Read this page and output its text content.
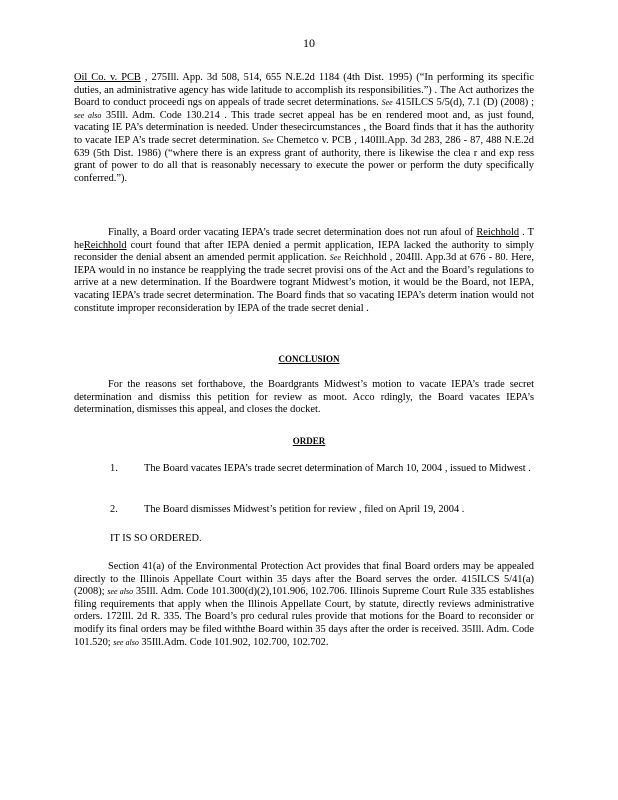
10

Oil Co. v. PCB , 275Ill. App. 3d 508, 514, 655 N.E.2d 1184 (4th Dist. 1995) (“In performing its specific duties, an administrative agency has wide latitude to accomplish its responsibilities.”) . The Act authorizes the Board to conduct proceedi ngs on appeals of trade secret determinations. See 415ILCS 5/5(d), 7.1 (D) (2008) ; see also 35Ill. Adm. Code 130.214 . This trade secret appeal has be en rendered moot and, as just found, vacating IE PA’s determination is needed. Under thesecircumstances , the Board finds that it has the authority to vacate IEP A’s trade secret determination. See Chemetco v. PCB , 140Ill.App. 3d 283, 286 - 87, 488 N.E.2d 639 (5th Dist. 1986) (“where there is an express grant of authority, there is likewise the clea r and exp ress grant of power to do all that is reasonably necessary to execute the power or perform the duty specifically conferred.”).

Finally, a Board order vacating IEPA’s trade secret determination does not run afoul of Reichhold . T heReichhold court found that after IEPA denied a permit application, IEPA lacked the authority to simply reconsider the denial absent an amended permit application. See Reichhold , 204Ill. App.3d at 676 - 80. Here, IEPA would in no instance be reapplying the trade secret provisi ons of the Act and the Board’s regulations to arrive at a new determination. If the Boardwere togrant Midwest’s motion, it would be the Board, not IEPA, vacating IEPA’s trade secret determination. The Board finds that so vacating IEPA’s determ ination would not constitute improper reconsideration by IEPA of the trade secret denial .

CONCLUSION

For the reasons set forthabove, the Boardgrants Midwest’s motion to vacate IEPA’s trade secret determination and dismiss this petition for review as moot. Acco rdingly, the Board vacates IEPA’s determination, dismisses this appeal, and closes the docket.

ORDER
1.	The Board vacates IEPA’s trade secret determination of March 10, 2004 , issued to Midwest .
2.	The Board dismisses Midwest’s petition for review , filed on April 19, 2004 .
IT IS SO ORDERED.

Section 41(a) of the Environmental Protection Act provides that final Board orders may be appealed directly to the Illinois Appellate Court within 35 days after the Board serves the order. 415ILCS 5/41(a) (2008); see also 35Ill. Adm. Code 101.300(d)(2),101.906, 102.706. Illinois Supreme Court Rule 335 establishes filing requirements that apply when the Illinois Appellate Court, by statute, directly reviews administrative orders. 172Ill. 2d R. 335. The Board’s pro cedural rules provide that motions for the Board to reconsider or modify its final orders may be filed withthe Board within 35 days after the order is received. 35Ill. Adm. Code 101.520; see also 35Ill.Adm. Code 101.902, 102.700, 102.702.
